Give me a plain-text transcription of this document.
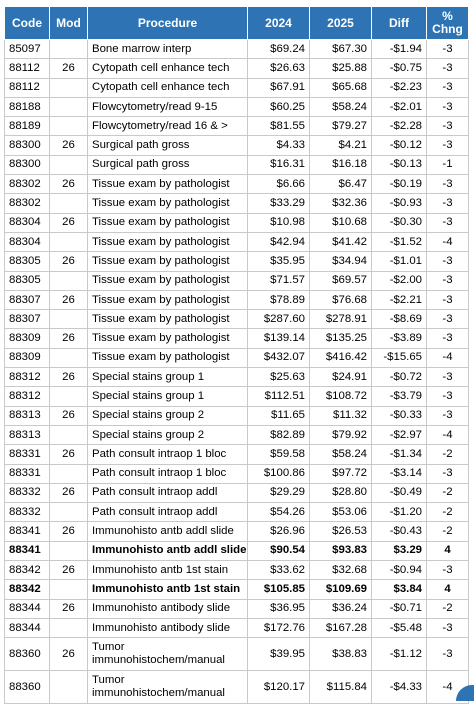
Code	Mod	Procedure	2024	2025	Diff	% Chng
85097		Bone marrow interp	$69.24	$67.30	-$1.94	-3
88112	26	Cytopath cell enhance tech	$26.63	$25.88	-$0.75	-3
88112		Cytopath cell enhance tech	$67.91	$65.68	-$2.23	-3
88188		Flowcytometry/read 9-15	$60.25	$58.24	-$2.01	-3
88189		Flowcytometry/read 16 & >	$81.55	$79.27	-$2.28	-3
88300	26	Surgical path gross	$4.33	$4.21	-$0.12	-3
88300		Surgical path gross	$16.31	$16.18	-$0.13	-1
88302	26	Tissue exam by pathologist	$6.66	$6.47	-$0.19	-3
88302		Tissue exam by pathologist	$33.29	$32.36	-$0.93	-3
88304	26	Tissue exam by pathologist	$10.98	$10.68	-$0.30	-3
88304		Tissue exam by pathologist	$42.94	$41.42	-$1.52	-4
88305	26	Tissue exam by pathologist	$35.95	$34.94	-$1.01	-3
88305		Tissue exam by pathologist	$71.57	$69.57	-$2.00	-3
88307	26	Tissue exam by pathologist	$78.89	$76.68	-$2.21	-3
88307		Tissue exam by pathologist	$287.60	$278.91	-$8.69	-3
88309	26	Tissue exam by pathologist	$139.14	$135.25	-$3.89	-3
88309		Tissue exam by pathologist	$432.07	$416.42	-$15.65	-4
88312	26	Special stains group 1	$25.63	$24.91	-$0.72	-3
88312		Special stains group 1	$112.51	$108.72	-$3.79	-3
88313	26	Special stains group 2	$11.65	$11.32	-$0.33	-3
88313		Special stains group 2	$82.89	$79.92	-$2.97	-4
88331	26	Path consult intraop 1 bloc	$59.58	$58.24	-$1.34	-2
88331		Path consult intraop 1 bloc	$100.86	$97.72	-$3.14	-3
88332	26	Path consult intraop addl	$29.29	$28.80	-$0.49	-2
88332		Path consult intraop addl	$54.26	$53.06	-$1.20	-2
88341	26	Immunohisto antb addl slide	$26.96	$26.53	-$0.43	-2
88341		Immunohisto antb addl slide	$90.54	$93.83	$3.29	4
88342	26	Immunohisto antb 1st stain	$33.62	$32.68	-$0.94	-3
88342		Immunohisto antb 1st stain	$105.85	$109.69	$3.84	4
88344	26	Immunohisto antibody slide	$36.95	$36.24	-$0.71	-2
88344		Immunohisto antibody slide	$172.76	$167.28	-$5.48	-3
88360	26	Tumor immunohistochem/manual	$39.95	$38.83	-$1.12	-3
88360		Tumor immunohistochem/manual	$120.17	$115.84	-$4.33	-4
